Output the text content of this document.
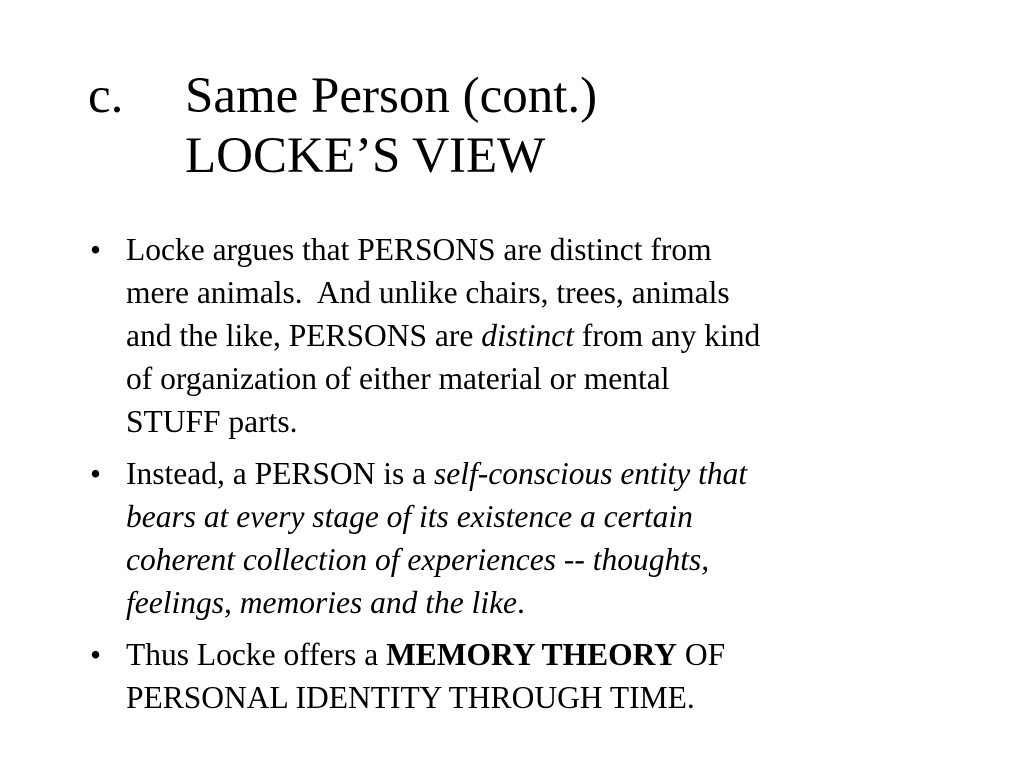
c. Same Person (cont.)
LOCKE’S VIEW
• Locke argues that PERSONS are distinct from
mere animals.  And unlike chairs, trees, animals
and the like, PERSONS are distinct from any kind
of organization of either material or mental
STUFF parts.
• Instead, a PERSON is a self-conscious entity that
bears at every stage of its existence a certain
coherent collection of experiences -- thoughts,
feelings, memories and the like.
• Thus Locke offers a MEMORY THEORY OF
PERSONAL IDENTITY THROUGH TIME.
